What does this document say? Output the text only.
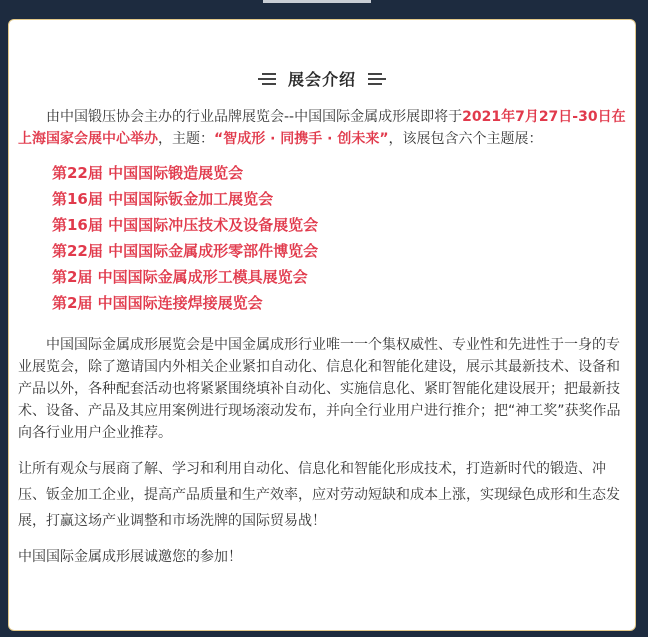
展会介绍

由中国锻压协会主办的行业品牌展览会--中国国际金属成形展即将于2021年7月27日-30日在上海国家会展中心举办，主题：“智成形 · 同携手 · 创未来”，该展包含六个主题展：

第22届 中国国际锻造展览会
第16届 中国国际钣金加工展览会
第16届 中国国际冲压技术及设备展览会
第22届 中国国际金属成形零部件博览会
第2届 中国国际金属成形工模具展览会
第2届 中国国际连接焊接展览会

中国国际金属成形展览会是中国金属成形行业唯一一个集权威性、专业性和先进性于一身的专业展览会，除了邀请国内外相关企业紧扣自动化、信息化和智能化建设，展示其最新技术、设备和产品以外，各种配套活动也将紧紧围绕填补自动化、实施信息化、紧盯智能化建设展开；把最新技术、设备、产品及其应用案例进行现场滚动发布，并向全行业用户进行推介；把“神工奖”获奖作品向各行业用户企业推荐。

让所有观众与展商了解、学习和利用自动化、信息化和智能化形成技术，打造新时代的锻造、冲压、钣金加工企业，提高产品质量和生产效率，应对劳动短缺和成本上涨，实现绿色成形和生态发展，打赢这场产业调整和市场洗牌的国际贸易战！

中国国际金属成形展诚邀您的参加！
